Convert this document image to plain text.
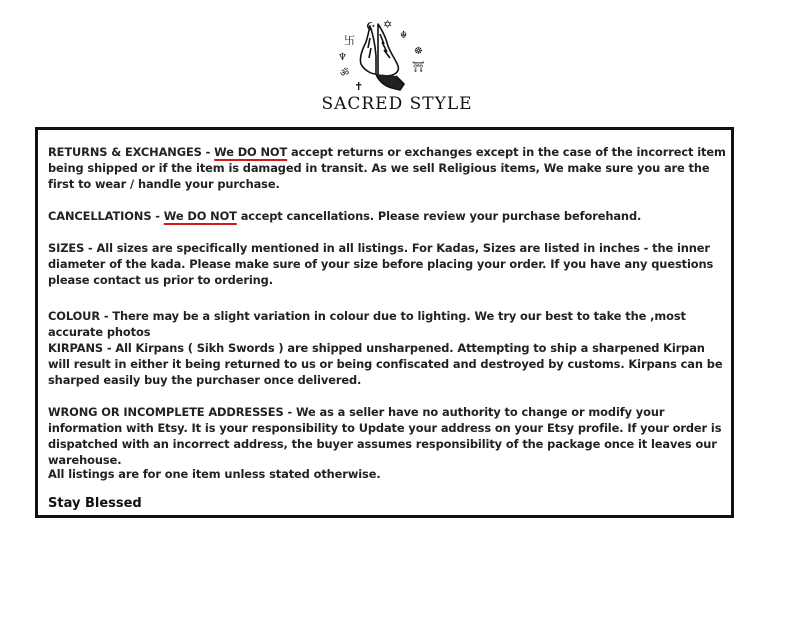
☪ ✡
☬
☸
⛩
卐
♆
ॐ
✝
SACRED STYLE

RETURNS & EXCHANGES - We DO NOT accept returns or exchanges except in the case of the incorrect item being shipped or if the item is damaged in transit. As we sell Religious items, We make sure you are the first to wear / handle your purchase.

CANCELLATIONS - We DO NOT accept cancellations. Please review your purchase beforehand.

SIZES - All sizes are specifically mentioned in all listings. For Kadas, Sizes are listed in inches - the inner diameter of the kada. Please make sure of your size before placing your order. If you have any questions please contact us prior to ordering.

COLOUR - There may be a slight variation in colour due to lighting. We try our best to take the ,most accurate photos

KIRPANS - All Kirpans ( Sikh Swords ) are shipped unsharpened. Attempting to ship a sharpened Kirpan will result in either it being returned to us or being confiscated and destroyed by customs. Kirpans can be sharped easily buy the purchaser once delivered.

WRONG OR INCOMPLETE ADDRESSES - We as a seller have no authority to change or modify your information with Etsy. It is your responsibility to Update your address on your Etsy profile. If your order is dispatched with an incorrect address, the buyer assumes responsibility of the package once it leaves our warehouse.

All listings are for one item unless stated otherwise.

Stay Blessed
